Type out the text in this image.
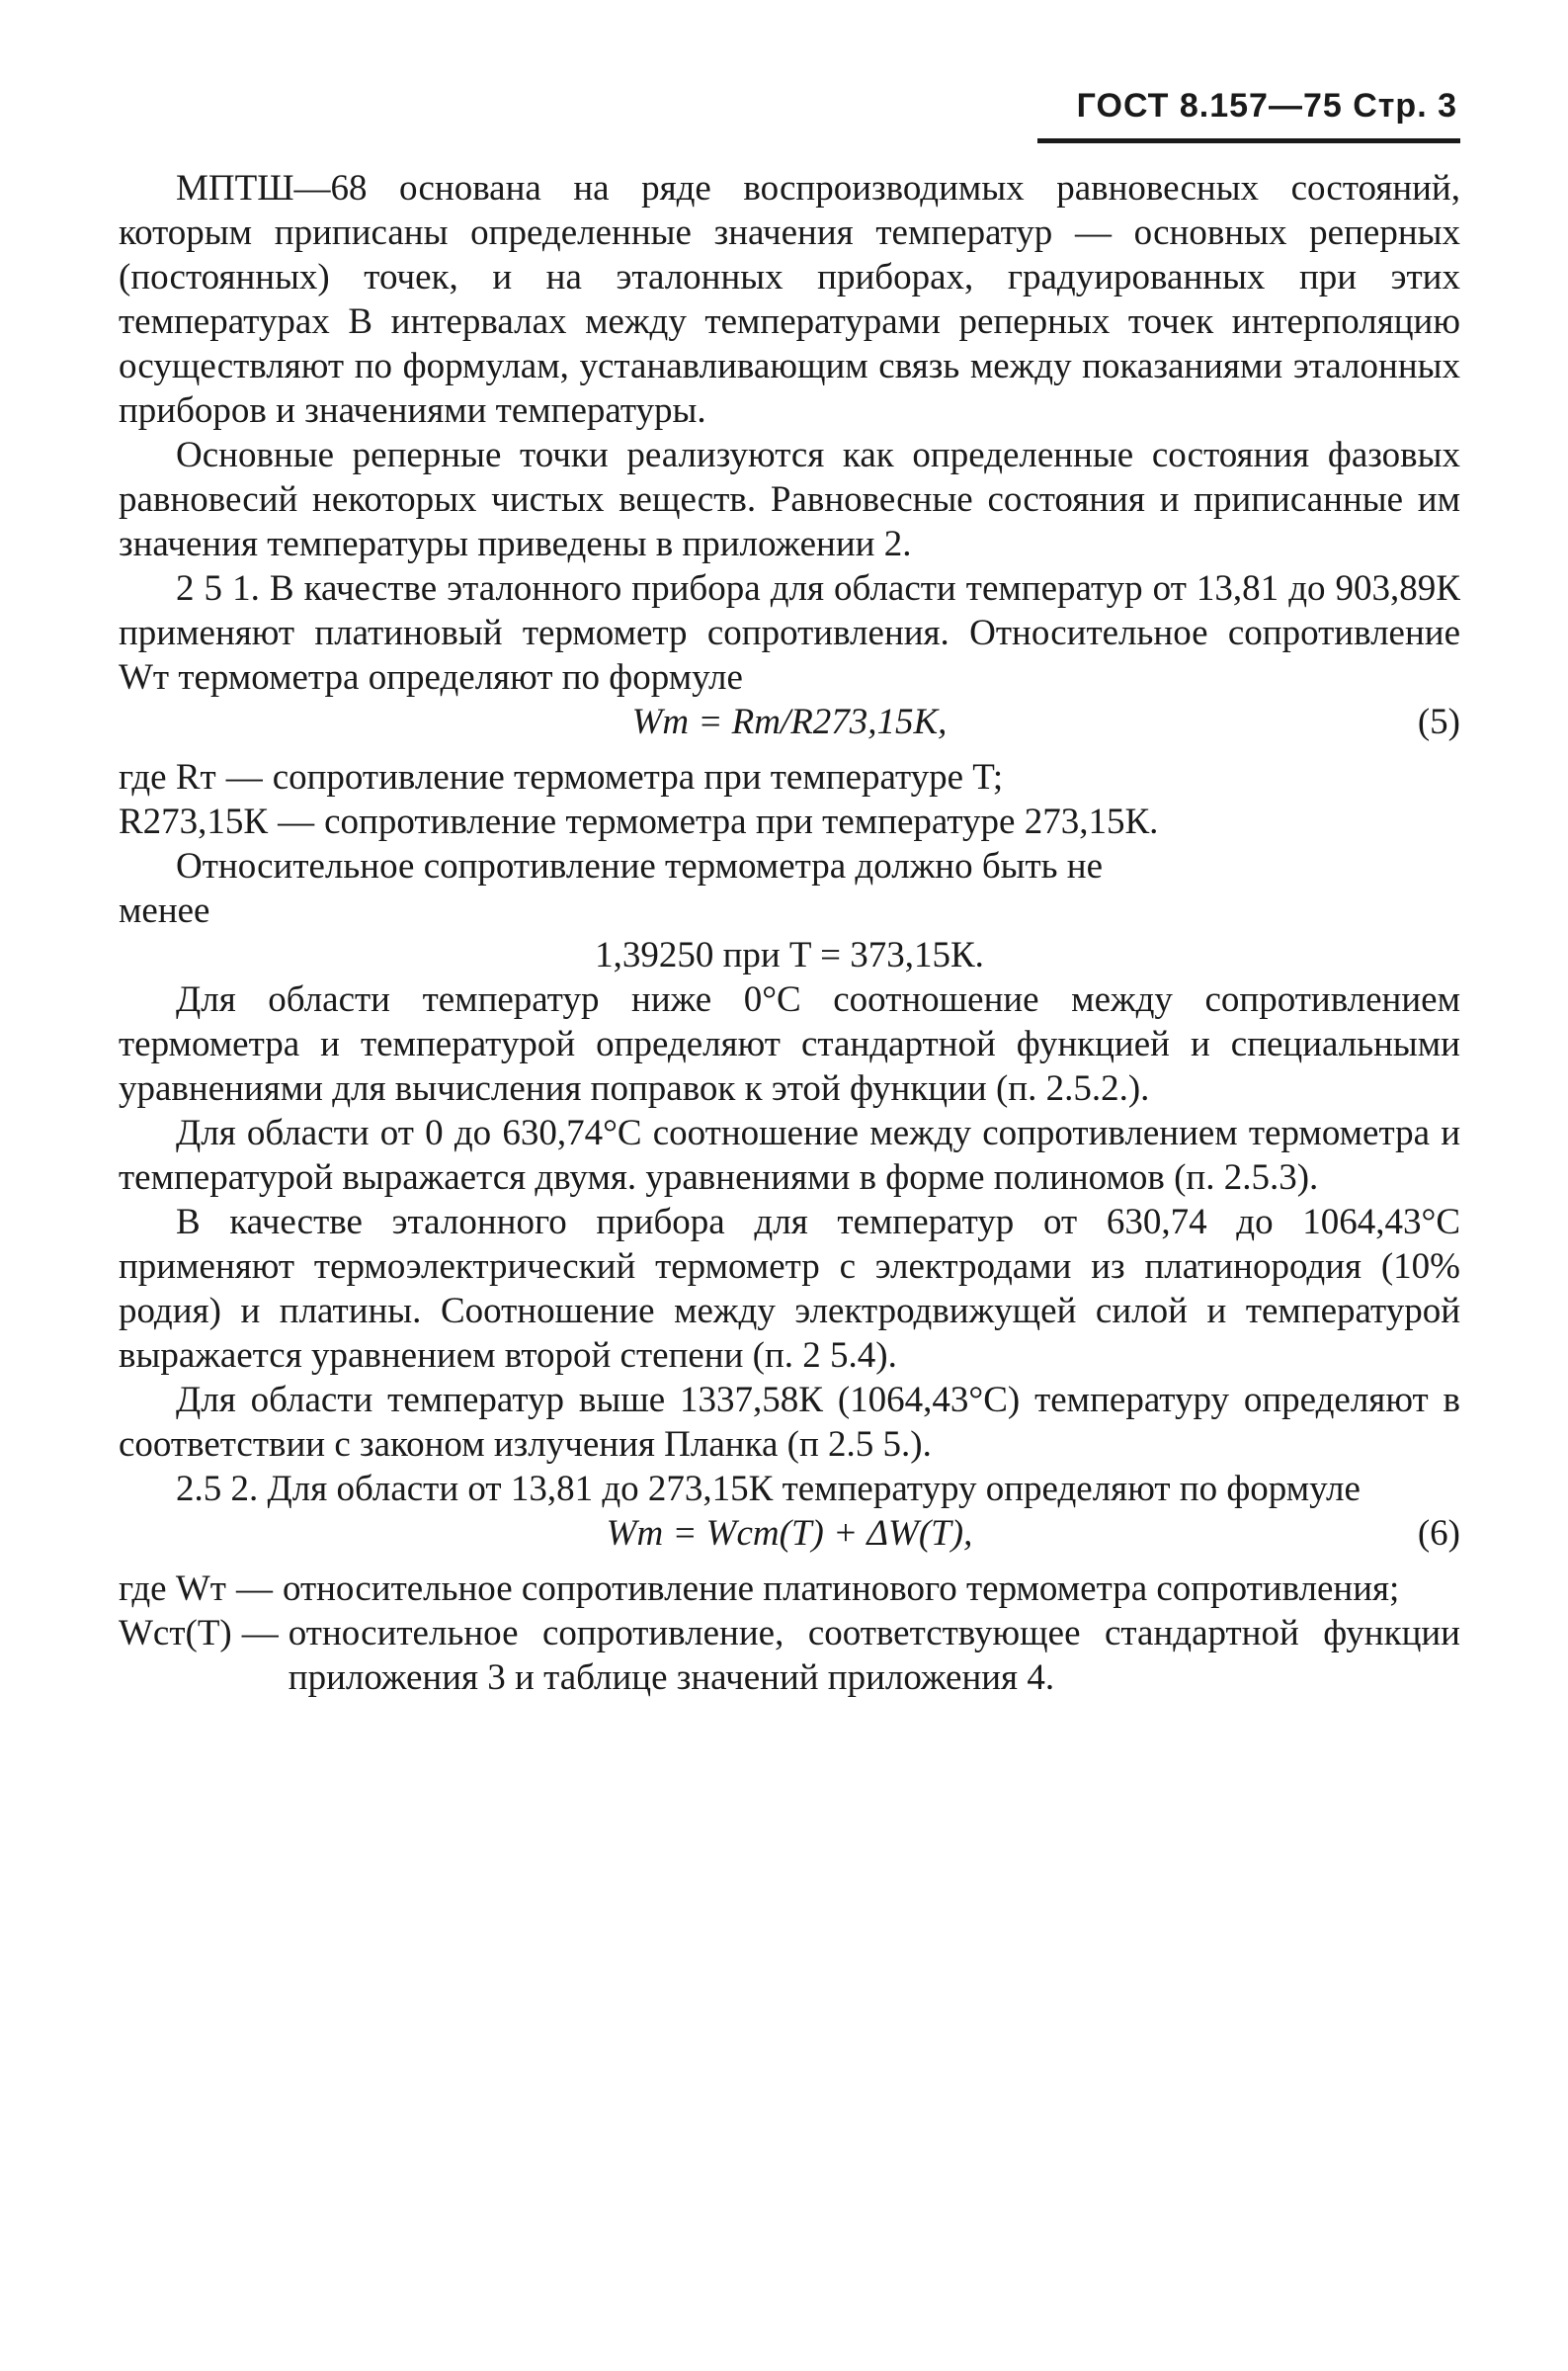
ГОСТ 8.157—75 Стр. 3

МПТШ—68 основана на ряде воспроизводимых равновесных состояний, которым приписаны определенные значения температур — основных реперных (постоянных) точек, и на эталонных приборах, градуированных при этих температурах В интервалах между температурами реперных точек интерполяцию осуществляют по формулам, устанавливающим связь между показаниями эталонных приборов и значениями температуры.

Основные реперные точки реализуются как определенные состояния фазовых равновесий некоторых чистых веществ. Равновесные состояния и приписанные им значения температуры приведены в приложении 2.

2 5 1. В качестве эталонного прибора для области температур от 13,81 до 903,89К применяют платиновый термометр сопротивления. Относительное сопротивление Wт термометра определяют по формуле

Wт = Rт/R273,15К,	(5)
где Rт — сопротивление термометра при температуре T;
R273,15К — сопротивление термометра при температуре 273,15К.

Относительное сопротивление термометра должно быть не

менее

1,39250 при T = 373,15К.

Для области температур ниже 0°С соотношение между сопротивлением термометра и температурой определяют стандартной функцией и специальными уравнениями для вычисления поправок к этой функции (п. 2.5.2.).

Для области от 0 до 630,74°С соотношение между сопротивлением термометра и температурой выражается двумя. уравнениями в форме полиномов (п. 2.5.3).

В качестве эталонного прибора для температур от 630,74 до 1064,43°С применяют термоэлектрический термометр с электродами из платинородия (10% родия) и платины. Соотношение между электродвижущей силой и температурой выражается уравнением второй степени (п. 2 5.4).

Для области температур выше 1337,58К (1064,43°С) температуру определяют в соответствии с законом излучения Планка (п 2.5 5.).

2.5 2. Для области от 13,81 до 273,15К температуру определяют по формуле

Wт = Wст(T) + ΔW(T),	(6)
где Wт — относительное сопротивление платинового термометра сопротивления;
Wст(T) — относительное сопротивление, соответствующее стандартной функции приложения 3 и таблице значений приложения 4.
